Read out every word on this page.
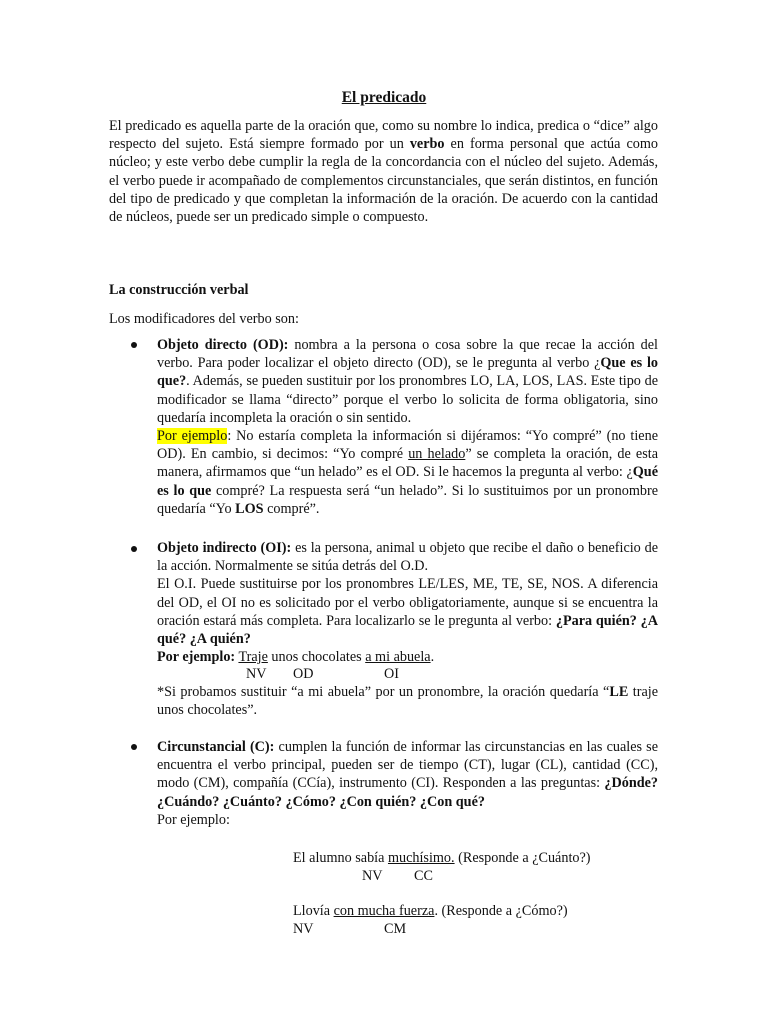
El predicado

El predicado es aquella parte de la oración que, como su nombre lo indica, predica o “dice” algo respecto del sujeto. Está siempre formado por un verbo en forma personal que actúa como núcleo; y este verbo debe cumplir la regla de la concordancia con el núcleo del sujeto. Además, el verbo puede ir acompañado de complementos circunstanciales, que serán distintos, en función del tipo de predicado y que completan la información de la oración. De acuerdo con la cantidad de núcleos, puede ser un predicado simple o compuesto.

La construcción verbal
Los modificadores del verbo son:

Objeto directo (OD): nombra a la persona o cosa sobre la que recae la acción del verbo. Para poder localizar el objeto directo (OD), se le pregunta al verbo ¿Que es lo que?. Además, se pueden sustituir por los pronombres LO, LA, LOS, LAS. Este tipo de modificador se llama “directo” porque el verbo lo solicita de forma obligatoria, sino quedaría incompleta la oración o sin sentido.

Por ejemplo: No estaría completa la información si dijéramos: “Yo compré” (no tiene OD). En cambio, si decimos: “Yo compré un helado” se completa la oración, de esta manera, afirmamos que “un helado” es el OD. Si le hacemos la pregunta al verbo: ¿Qué es lo que compré? La respuesta será “un helado”. Si lo sustituimos por un pronombre quedaría “Yo LOS compré”.

Objeto indirecto (OI): es la persona, animal u objeto que recibe el daño o beneficio de la acción. Normalmente se sitúa detrás del O.D.

El O.I. Puede sustituirse por los pronombres LE/LES, ME, TE, SE, NOS. A diferencia del OD, el OI no es solicitado por el verbo obligatoriamente, aunque si se encuentra la oración estará más completa. Para localizarlo se le pregunta al verbo: ¿Para quién? ¿A qué? ¿A quién?

Por ejemplo: Traje unos chocolates a mi abuela.

NV OD	OI

*Si probamos sustituir “a mi abuela” por un pronombre, la oración quedaría “LE traje unos chocolates”.

Circunstancial (C): cumplen la función de informar las circunstancias en las cuales se encuentra el verbo principal, pueden ser de tiempo (CT), lugar (CL), cantidad (CC), modo (CM), compañía (CCía), instrumento (CI). Responden a las preguntas: ¿Dónde? ¿Cuándo? ¿Cuánto? ¿Cómo? ¿Con quién? ¿Con qué?

Por ejemplo:

El alumno sabía muchísimo. (Responde a ¿Cuánto?)
NV CC
Llovía con mucha fuerza. (Responde a ¿Cómo?)
NV	CM
